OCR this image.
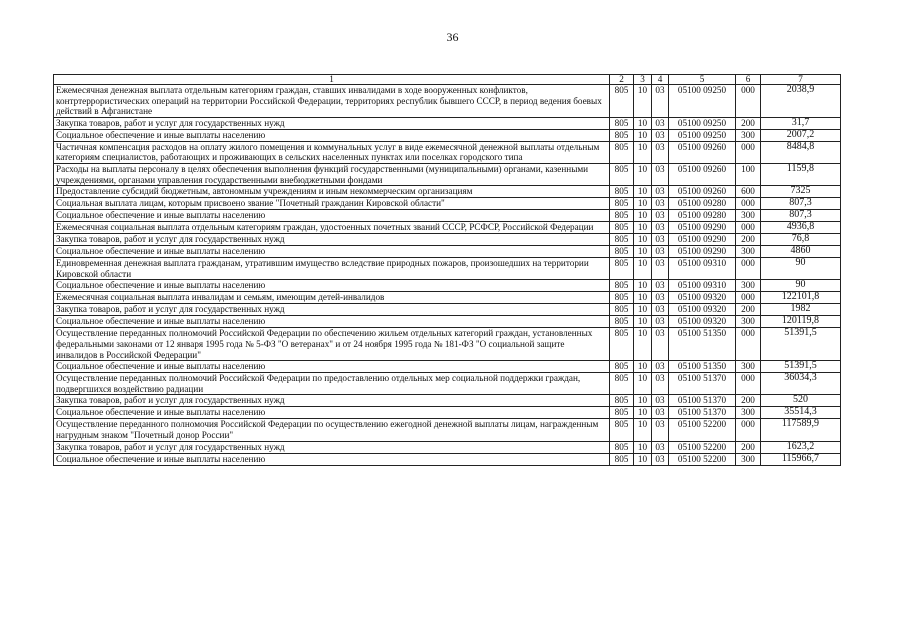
36
1	2	3	4	5	6	7
Ежемесячная денежная выплата отдельным категориям граждан, ставших инвалидами в ходе вооруженных конфликтов, контртеррористических операций на территории Российской Федерации, территориях республик бывшего СССР, в период ведения боевых действий в Афганистане	805	10	03	05100 09250	000	2038,9
Закупка товаров, работ и услуг для государственных нужд	805	10	03	05100 09250	200	31,7
Социальное обеспечение и иные выплаты населению	805	10	03	05100 09250	300	2007,2
Частичная компенсация расходов на оплату жилого помещения и коммунальных услуг в виде ежемесячной денежной выплаты отдельным категориям специалистов, работающих и проживающих в сельских населенных пунктах или поселках городского типа	805	10	03	05100 09260	000	8484,8
Расходы на выплаты персоналу в целях обеспечения выполнения функций государственными (муниципальными) органами, казенными учреждениями, органами управления государственными внебюджетными фондами	805	10	03	05100 09260	100	1159,8
Предоставление субсидий бюджетным, автономным учреждениям и иным некоммерческим организациям	805	10	03	05100 09260	600	7325
Социальная выплата лицам, которым присвоено звание "Почетный гражданин Кировской области"	805	10	03	05100 09280	000	807,3
Социальное обеспечение и иные выплаты населению	805	10	03	05100 09280	300	807,3
Ежемесячная социальная выплата отдельным категориям граждан, удостоенных почетных званий СССР, РСФСР, Российской Федерации	805	10	03	05100 09290	000	4936,8
Закупка товаров, работ и услуг для государственных нужд	805	10	03	05100 09290	200	76,8
Социальное обеспечение и иные выплаты населению	805	10	03	05100 09290	300	4860
Единовременная денежная выплата гражданам, утратившим имущество вследствие природных пожаров, произошедших на территории Кировской области	805	10	03	05100 09310	000	90
Социальное обеспечение и иные выплаты населению	805	10	03	05100 09310	300	90
Ежемесячная социальная выплата инвалидам и семьям, имеющим детей-инвалидов	805	10	03	05100 09320	000	122101,8
Закупка товаров, работ и услуг для государственных нужд	805	10	03	05100 09320	200	1982
Социальное обеспечение и иные выплаты населению	805	10	03	05100 09320	300	120119,8
Осуществление переданных полномочий Российской Федерации по обеспечению жильем отдельных категорий граждан, установленных федеральными законами от 12 января 1995 года № 5-ФЗ "О ветеранах" и от 24 ноября 1995 года № 181-ФЗ "О социальной защите инвалидов в Российской Федерации"	805	10	03	05100 51350	000	51391,5
Социальное обеспечение и иные выплаты населению	805	10	03	05100 51350	300	51391,5
Осуществление переданных полномочий Российской Федерации по предоставлению отдельных мер социальной поддержки граждан, подвергшихся воздействию радиации	805	10	03	05100 51370	000	36034,3
Закупка товаров, работ и услуг для государственных нужд	805	10	03	05100 51370	200	520
Социальное обеспечение и иные выплаты населению	805	10	03	05100 51370	300	35514,3
Осуществление переданного полномочия Российской Федерации по осуществлению ежегодной денежной выплаты лицам, награжденным нагрудным знаком "Почетный донор России"	805	10	03	05100 52200	000	117589,9
Закупка товаров, работ и услуг для государственных нужд	805	10	03	05100 52200	200	1623,2
Социальное обеспечение и иные выплаты населению	805	10	03	05100 52200	300	115966,7
